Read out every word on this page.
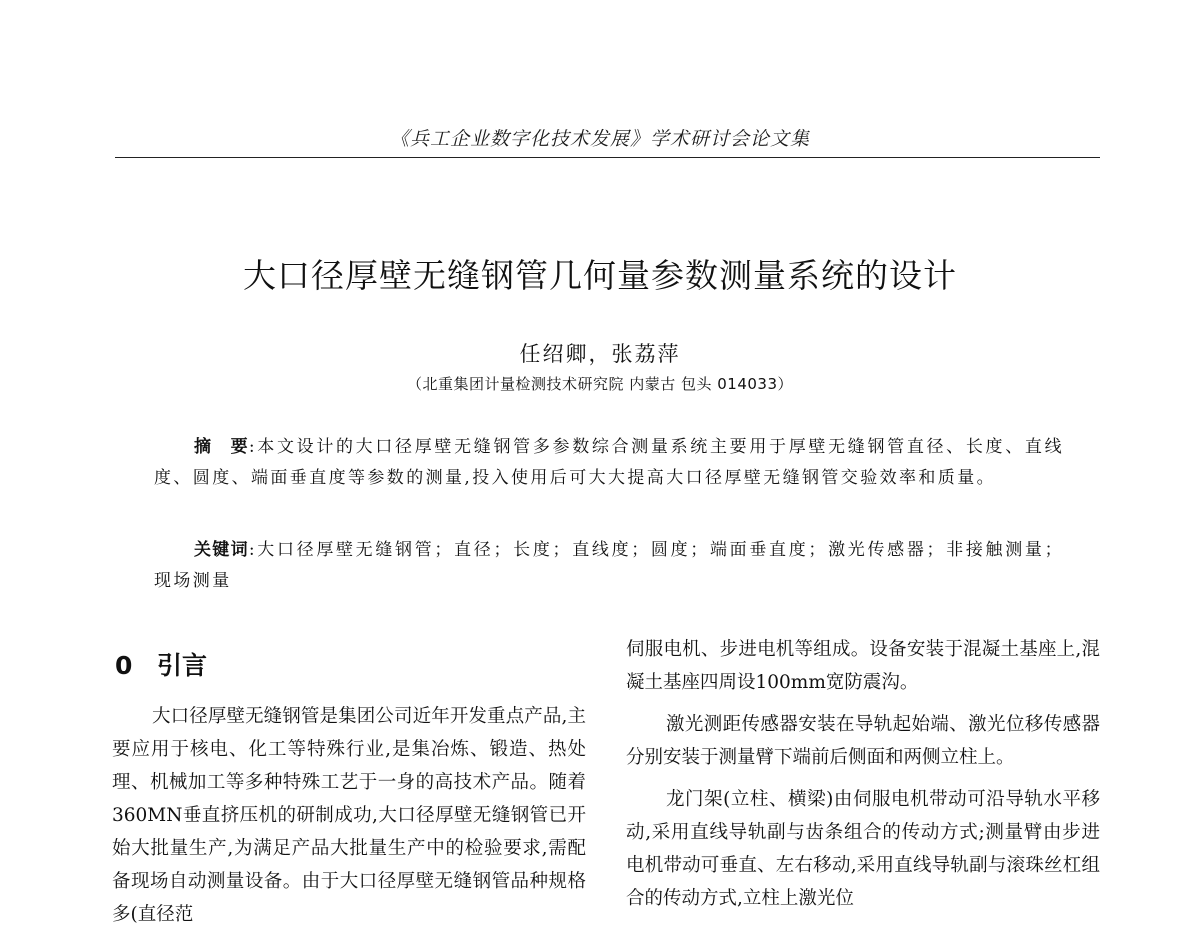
《兵工企业数字化技术发展》学术研讨会论文集
大口径厚壁无缝钢管几何量参数测量系统的设计
任绍卿，张荔萍
（北重集团计量检测技术研究院 内蒙古 包头 014033）
摘　要:本文设计的大口径厚壁无缝钢管多参数综合测量系统主要用于厚壁无缝钢管直径、长度、直线度、圆度、端面垂直度等参数的测量,投入使用后可大大提高大口径厚壁无缝钢管交验效率和质量。
关键词:大口径厚壁无缝钢管；直径；长度；直线度；圆度；端面垂直度；激光传感器；非接触测量；现场测量
0 引言

大口径厚壁无缝钢管是集团公司近年开发重点产品,主要应用于核电、化工等特殊行业,是集冶炼、锻造、热处理、机械加工等多种特殊工艺于一身的高技术产品。随着360MN垂直挤压机的研制成功,大口径厚壁无缝钢管已开始大批量生产,为满足产品大批量生产中的检验要求,需配备现场自动测量设备。由于大口径厚壁无缝钢管品种规格多(直径范

伺服电机、步进电机等组成。设备安装于混凝土基座上,混凝土基座四周设100mm宽防震沟。

激光测距传感器安装在导轨起始端、激光位移传感器分别安装于测量臂下端前后侧面和两侧立柱上。

龙门架(立柱、横梁)由伺服电机带动可沿导轨水平移动,采用直线导轨副与齿条组合的传动方式;测量臂由步进电机带动可垂直、左右移动,采用直线导轨副与滚珠丝杠组合的传动方式,立柱上激光位
